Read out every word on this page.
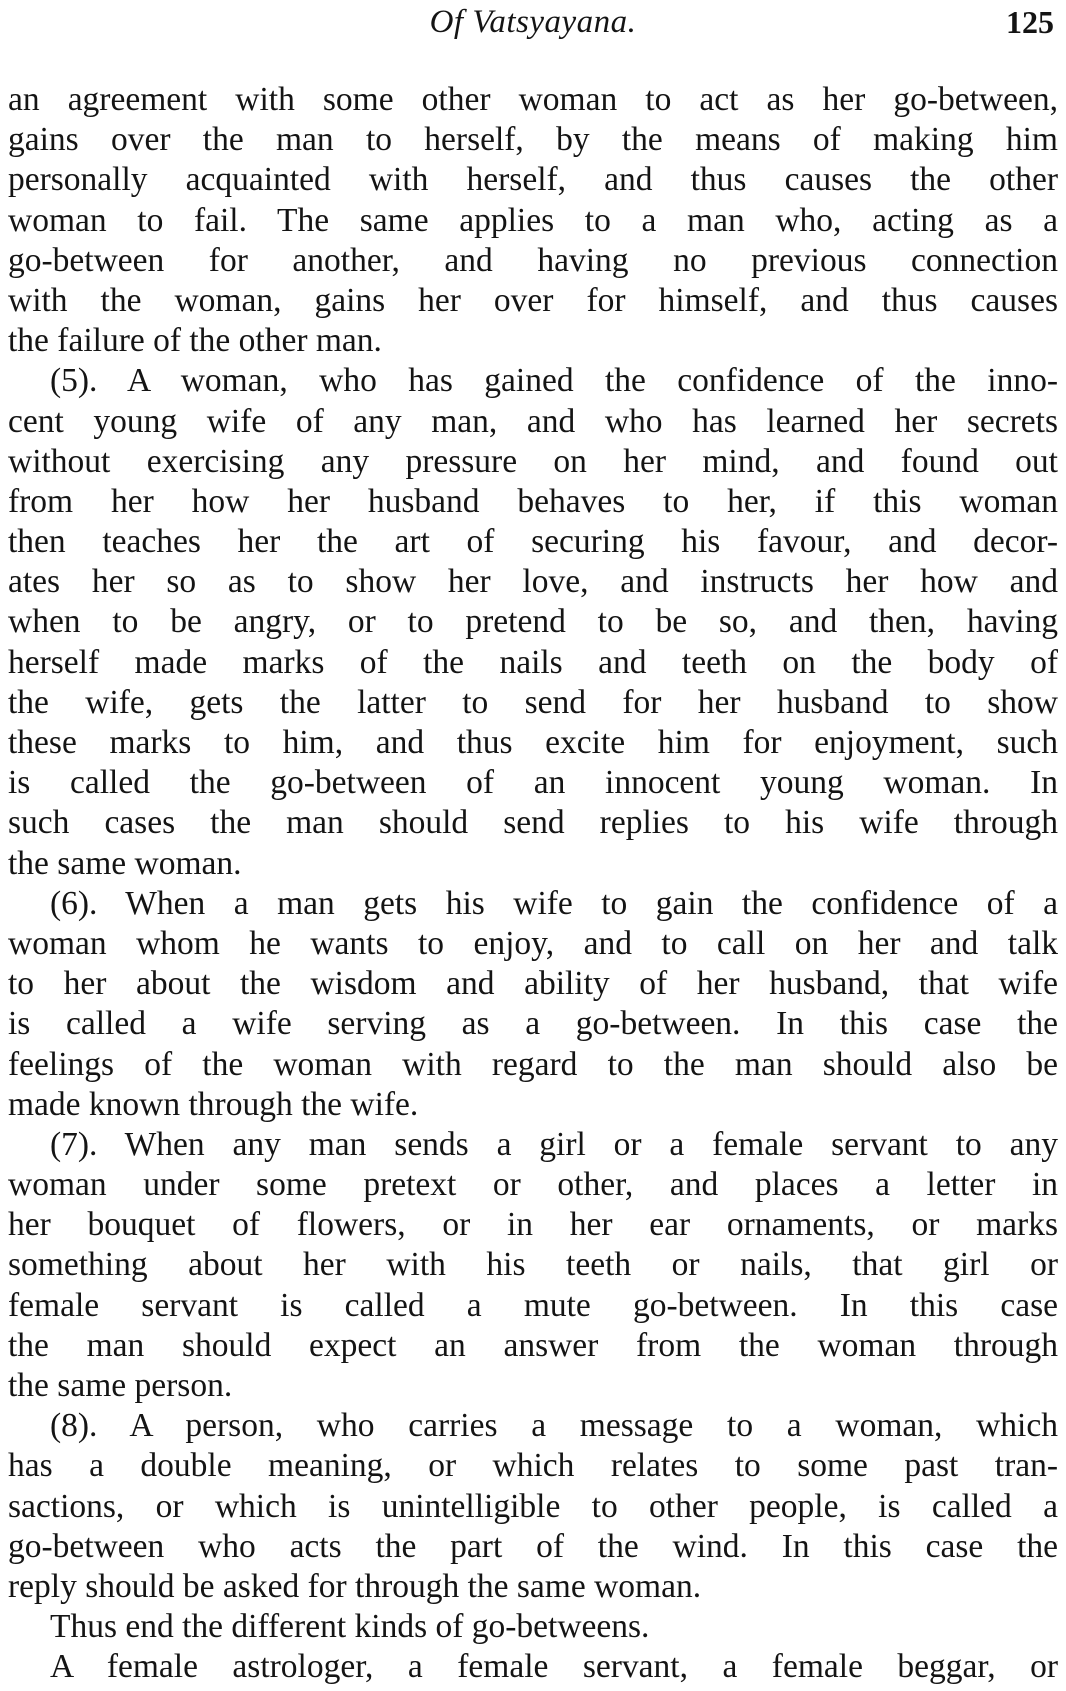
Of Vatsyayana.	125
an agreement with some other woman to act as her go-between,
gains over the man to herself, by the means of making him
personally acquainted with herself, and thus causes the other
woman to fail. The same applies to a man who, acting as a
go-between for another, and having no previous connection
with the woman, gains her over for himself, and thus causes
the failure of the other man.
(5). A woman, who has gained the confidence of the inno-
cent young wife of any man, and who has learned her secrets
without exercising any pressure on her mind, and found out
from her how her husband behaves to her, if this woman
then teaches her the art of securing his favour, and decor-
ates her so as to show her love, and instructs her how and
when to be angry, or to pretend to be so, and then, having
herself made marks of the nails and teeth on the body of
the wife, gets the latter to send for her husband to show
these marks to him, and thus excite him for enjoyment, such
is called the go-between of an innocent young woman. In
such cases the man should send replies to his wife through
the same woman.
(6). When a man gets his wife to gain the confidence of a
woman whom he wants to enjoy, and to call on her and talk
to her about the wisdom and ability of her husband, that wife
is called a wife serving as a go-between. In this case the
feelings of the woman with regard to the man should also be
made known through the wife.
(7). When any man sends a girl or a female servant to any
woman under some pretext or other, and places a letter in
her bouquet of flowers, or in her ear ornaments, or marks
something about her with his teeth or nails, that girl or
female servant is called a mute go-between. In this case
the man should expect an answer from the woman through
the same person.
(8). A person, who carries a message to a woman, which
has a double meaning, or which relates to some past tran-
sactions, or which is unintelligible to other people, is called a
go-between who acts the part of the wind. In this case the
reply should be asked for through the same woman.
Thus end the different kinds of go-betweens.
A female astrologer, a female servant, a female beggar, or
